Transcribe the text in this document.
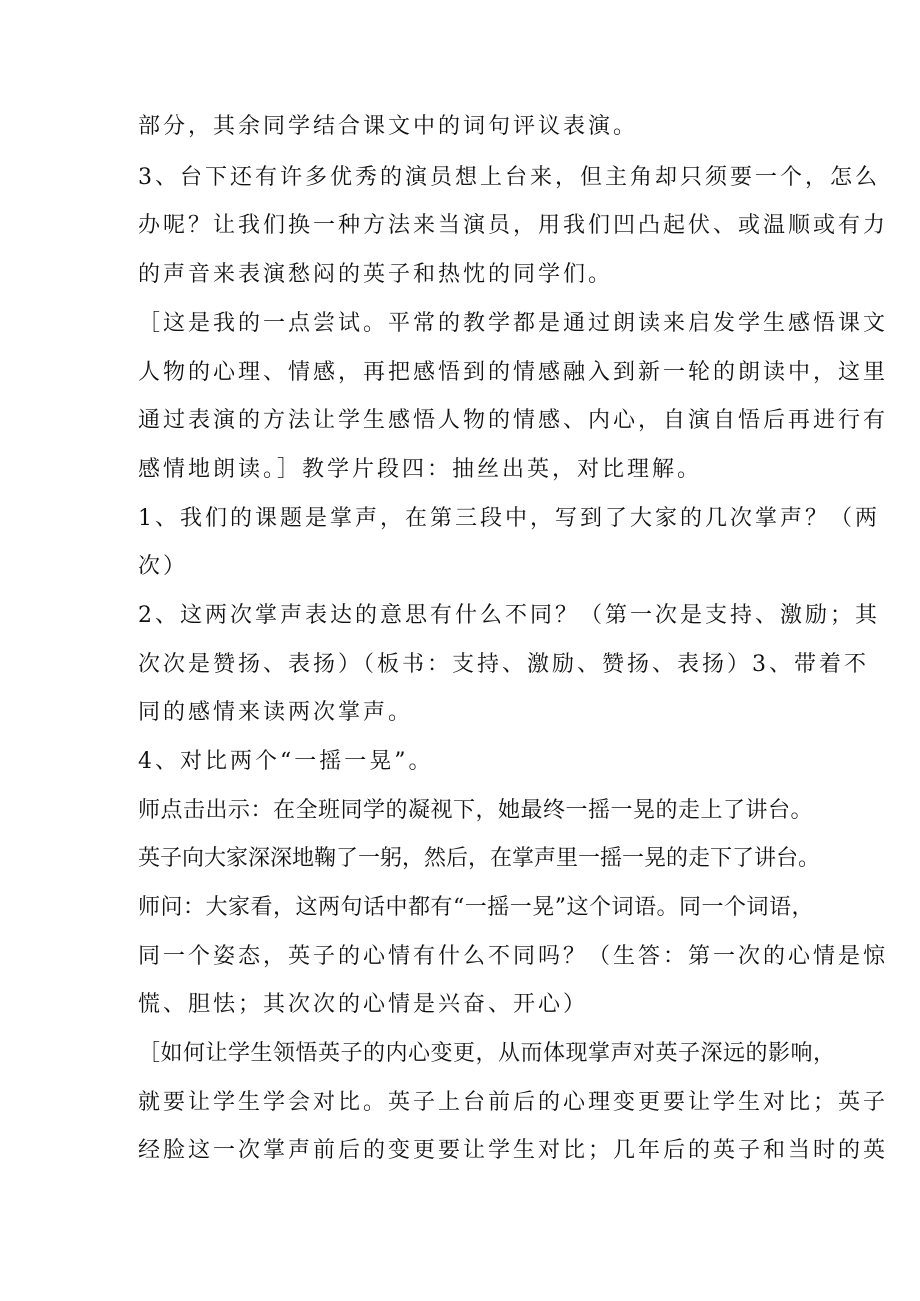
部分，其余同学结合课文中的词句评议表演。
3、台下还有许多优秀的演员想上台来，但主角却只须要一个，怎么
办呢？让我们换一种方法来当演员，用我们凹凸起伏、或温顺或有力
的声音来表演愁闷的英子和热忱的同学们。
［这是我的一点尝试。平常的教学都是通过朗读来启发学生感悟课文
人物的心理、情感，再把感悟到的情感融入到新一轮的朗读中，这里
通过表演的方法让学生感悟人物的情感、内心，自演自悟后再进行有
感情地朗读。］教学片段四：抽丝出英，对比理解。
1、我们的课题是掌声，在第三段中，写到了大家的几次掌声？（两
次）
2、这两次掌声表达的意思有什么不同？（第一次是支持、激励；其
次次是赞扬、表扬）（板书：支持、激励、赞扬、表扬）3、带着不
同的感情来读两次掌声。
4、对比两个“一摇一晃”。
师点击出示：在全班同学的凝视下，她最终一摇一晃的走上了讲台。
英子向大家深深地鞠了一躬，然后，在掌声里一摇一晃的走下了讲台。
师问：大家看，这两句话中都有“一摇一晃”这个词语。同一个词语，
同一个姿态，英子的心情有什么不同吗？（生答：第一次的心情是惊
慌、胆怯；其次次的心情是兴奋、开心）
［如何让学生领悟英子的内心变更，从而体现掌声对英子深远的影响，
就要让学生学会对比。英子上台前后的心理变更要让学生对比；英子
经脸这一次掌声前后的变更要让学生对比；几年后的英子和当时的英
